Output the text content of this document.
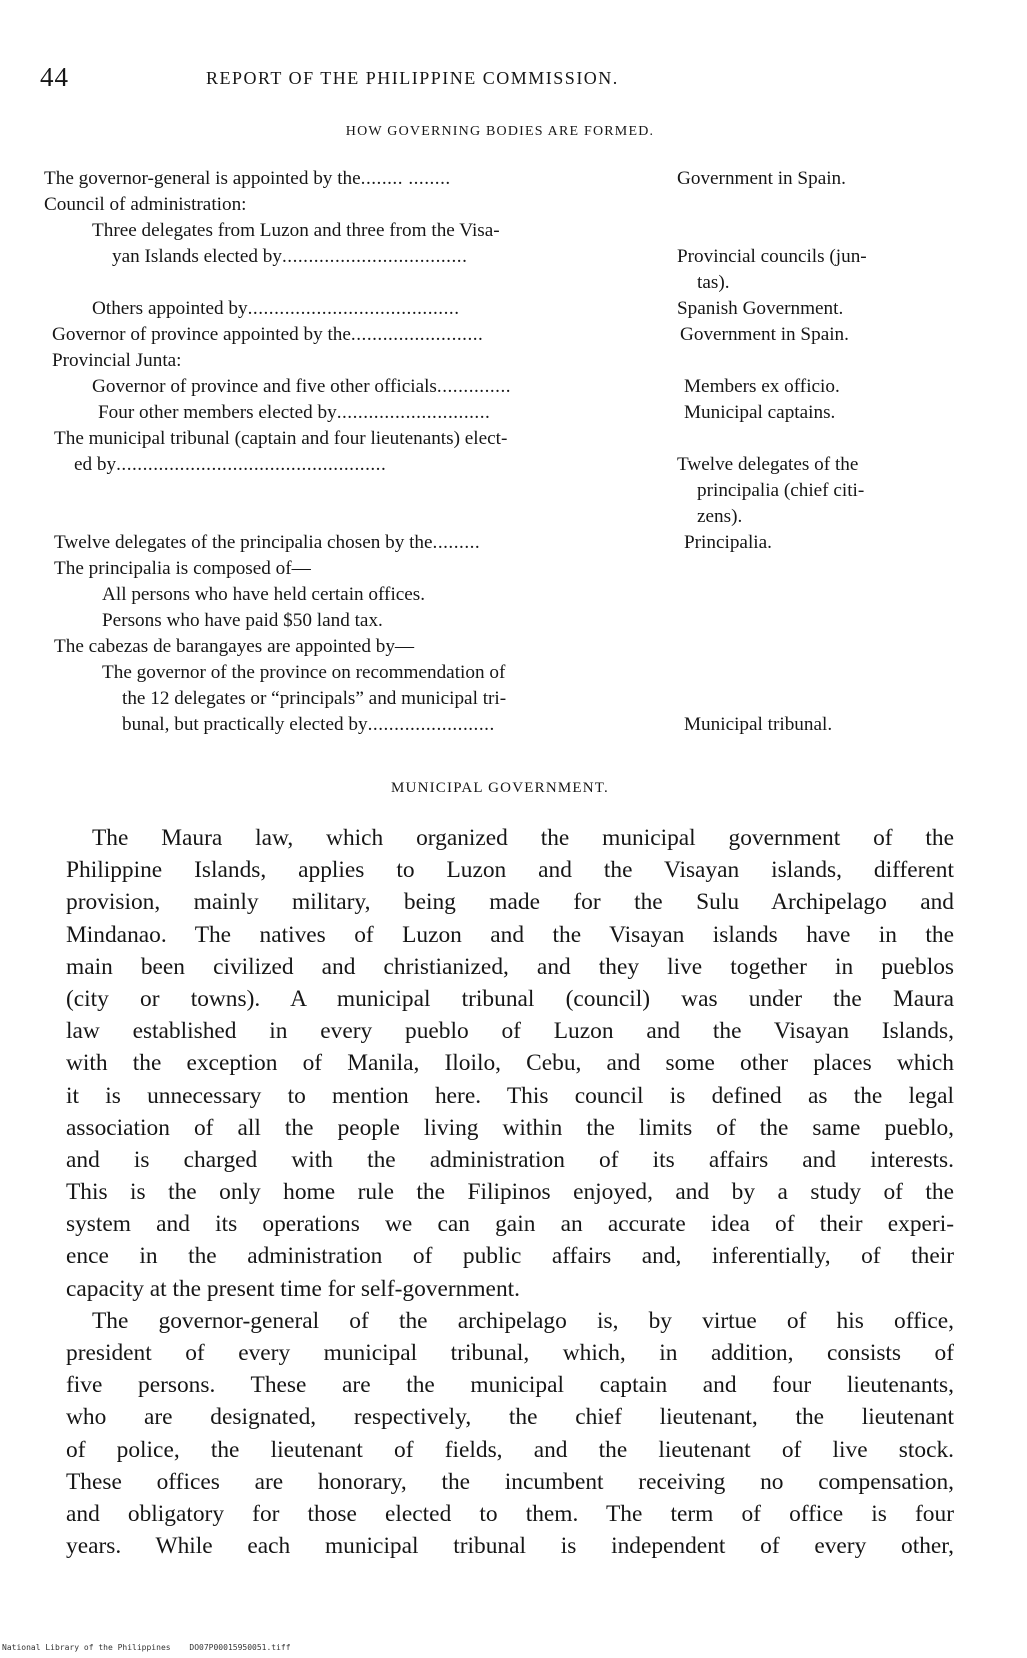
44	REPORT OF THE PHILIPPINE COMMISSION.
HOW GOVERNING BODIES ARE FORMED.
The governor-general is appointed by the........ ........	Government in Spain.
Council of administration:
Three delegates from Luzon and three from the Visa-
yan Islands elected by...................................	Provincial councils (jun-
tas).
Others appointed by........................................	Spanish Government.
Governor of province appointed by the.........................	Government in Spain.
Provincial Junta:
Governor of province and five other officials..............	Members ex officio.
Four other members elected by.............................	Municipal captains.
The municipal tribunal (captain and four lieutenants) elect-
ed by...................................................	Twelve delegates of the
principalia (chief citi-
zens).
Twelve delegates of the principalia chosen by the.........	Principalia.
The principalia is composed of—
All persons who have held certain offices.
Persons who have paid $50 land tax.
The cabezas de barangayes are appointed by—
The governor of the province on recommendation of
the 12 delegates or “principals” and municipal tri-
bunal, but practically elected by........................	Municipal tribunal.
MUNICIPAL GOVERNMENT.
The Maura law, which organized the municipal government of the
Philippine Islands, applies to Luzon and the Visayan islands, different
provision, mainly military, being made for the Sulu Archipelago and
Mindanao. The natives of Luzon and the Visayan islands have in the
main been civilized and christianized, and they live together in pueblos
(city or towns). A municipal tribunal (council) was under the Maura
law established in every pueblo of Luzon and the Visayan Islands,
with the exception of Manila, Iloilo, Cebu, and some other places which
it is unnecessary to mention here. This council is defined as the legal
association of all the people living within the limits of the same pueblo,
and is charged with the administration of its affairs and interests.
This is the only home rule the Filipinos enjoyed, and by a study of the
system and its operations we can gain an accurate idea of their experi-
ence in the administration of public affairs and, inferentially, of their
capacity at the present time for self-government.
The governor-general of the archipelago is, by virtue of his office,
president of every municipal tribunal, which, in addition, consists of
five persons. These are the municipal captain and four lieutenants,
who are designated, respectively, the chief lieutenant, the lieutenant
of police, the lieutenant of fields, and the lieutenant of live stock.
These offices are honorary, the incumbent receiving no compensation,
and obligatory for those elected to them. The term of office is four
years. While each municipal tribunal is independent of every other,
National Library of the Philippines DO07P00015950051.tiff
